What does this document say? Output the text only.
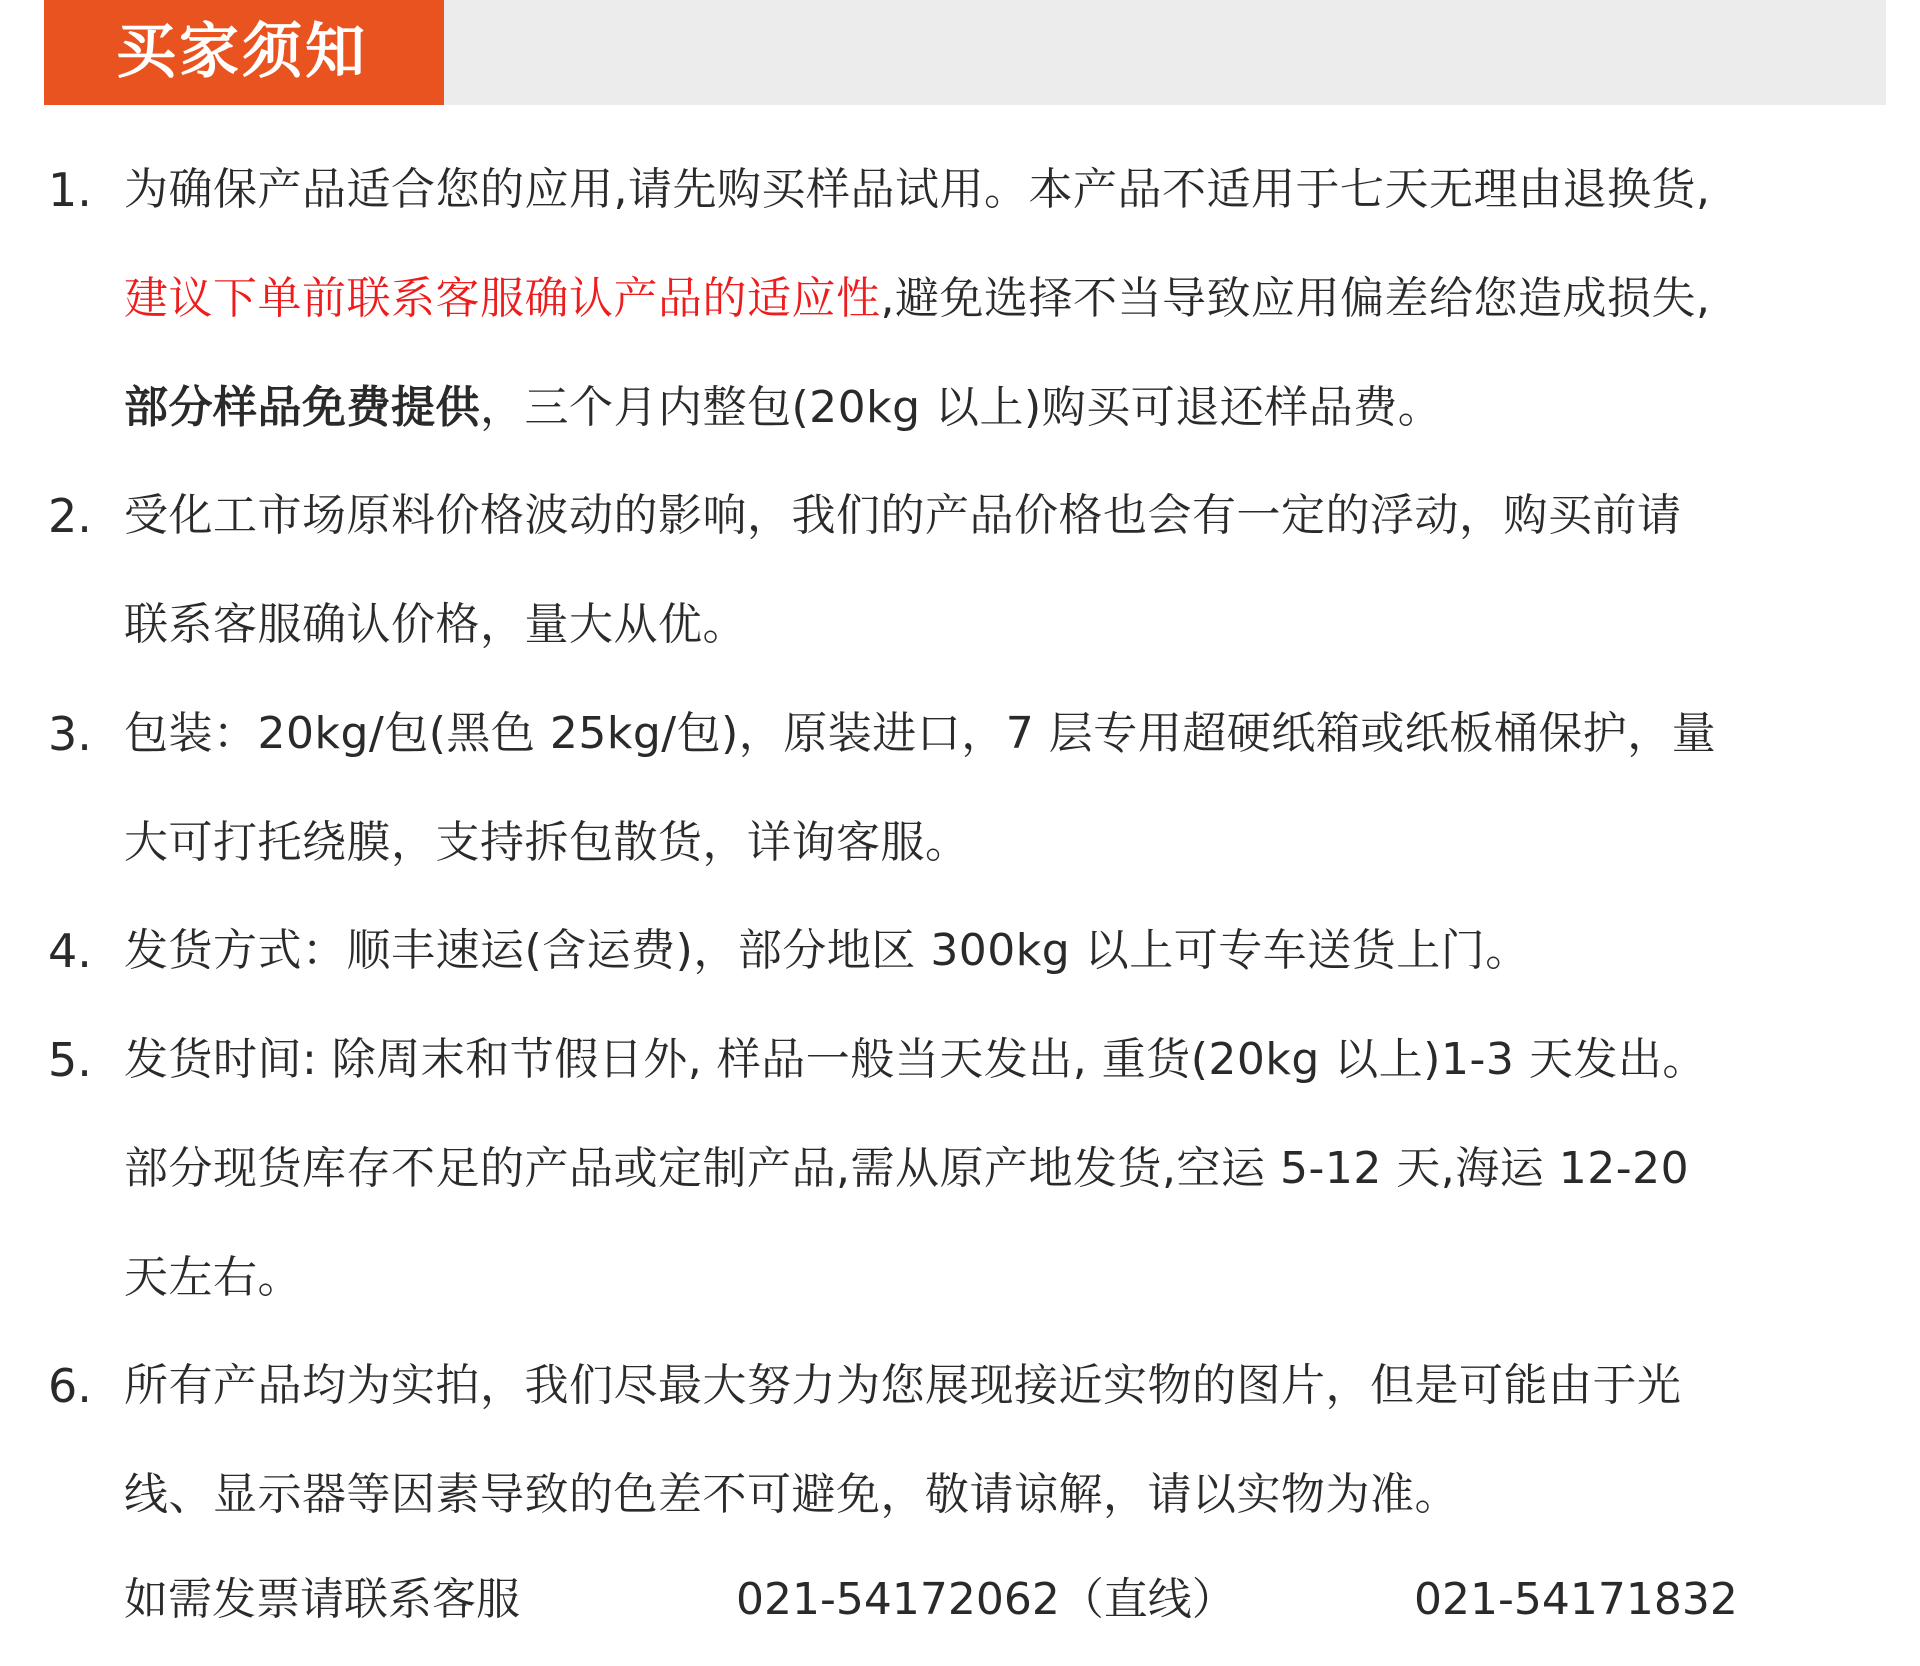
买家须知
1. 为确保产品适合您的应用,请先购买样品试用。本产品不适用于七天无理由退换货,
建议下单前联系客服确认产品的适应性,避免选择不当导致应用偏差给您造成损失,
部分样品免费提供，三个月内整包(20kg 以上)购买可退还样品费。
2. 受化工市场原料价格波动的影响，我们的产品价格也会有一定的浮动，购买前请
联系客服确认价格，量大从优。
3. 包装：20kg/包(黑色 25kg/包)，原装进口，7 层专用超硬纸箱或纸板桶保护，量
大可打托绕膜，支持拆包散货，详询客服。
4. 发货方式：顺丰速运(含运费)，部分地区 300kg 以上可专车送货上门。
5. 发货时间: 除周末和节假日外, 样品一般当天发出, 重货(20kg 以上)1-3 天发出。
部分现货库存不足的产品或定制产品,需从原产地发货,空运 5-12 天,海运 12-20
天左右。
6. 所有产品均为实拍，我们尽最大努力为您展现接近实物的图片，但是可能由于光
线、显示器等因素导致的色差不可避免，敬请谅解，请以实物为准。
如需发票请联系客服	021-54172062（直线）	021-54171832
